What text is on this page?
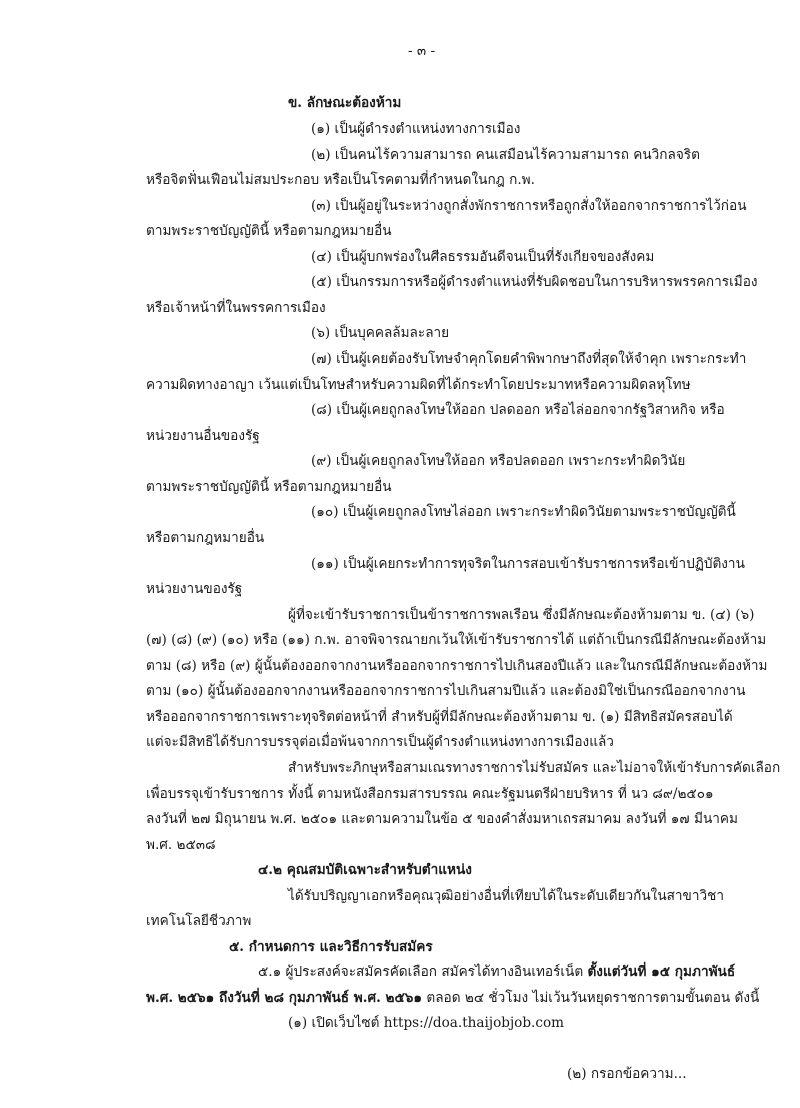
- ๓ -
ข. ลักษณะต้องห้าม
(๑) เป็นผู้ดำรงตำแหน่งทางการเมือง
(๒) เป็นคนไร้ความสามารถ คนเสมือนไร้ความสามารถ คนวิกลจริต
หรือจิตฟั่นเฟือนไม่สมประกอบ หรือเป็นโรคตามที่กำหนดในกฎ ก.พ.
(๓) เป็นผู้อยู่ในระหว่างถูกสั่งพักราชการหรือถูกสั่งให้ออกจากราชการไว้ก่อน
ตามพระราชบัญญัตินี้ หรือตามกฎหมายอื่น
(๔) เป็นผู้บกพร่องในศีลธรรมอันดีจนเป็นที่รังเกียจของสังคม
(๕) เป็นกรรมการหรือผู้ดำรงตำแหน่งที่รับผิดชอบในการบริหารพรรคการเมือง
หรือเจ้าหน้าที่ในพรรคการเมือง
(๖) เป็นบุคคลล้มละลาย
(๗) เป็นผู้เคยต้องรับโทษจำคุกโดยคำพิพากษาถึงที่สุดให้จำคุก เพราะกระทำ
ความผิดทางอาญา เว้นแต่เป็นโทษสำหรับความผิดที่ได้กระทำโดยประมาทหรือความผิดลหุโทษ
(๘) เป็นผู้เคยถูกลงโทษให้ออก ปลดออก หรือไล่ออกจากรัฐวิสาหกิจ หรือ
หน่วยงานอื่นของรัฐ
(๙) เป็นผู้เคยถูกลงโทษให้ออก หรือปลดออก เพราะกระทำผิดวินัย
ตามพระราชบัญญัตินี้ หรือตามกฎหมายอื่น
(๑๐) เป็นผู้เคยถูกลงโทษไล่ออก เพราะกระทำผิดวินัยตามพระราชบัญญัตินี้
หรือตามกฎหมายอื่น
(๑๑) เป็นผู้เคยกระทำการทุจริตในการสอบเข้ารับราชการหรือเข้าปฏิบัติงาน
หน่วยงานของรัฐ
ผู้ที่จะเข้ารับราชการเป็นข้าราชการพลเรือน ซึ่งมีลักษณะต้องห้ามตาม ข. (๔) (๖)
(๗) (๘) (๙) (๑๐) หรือ (๑๑) ก.พ. อาจพิจารณายกเว้นให้เข้ารับราชการได้ แต่ถ้าเป็นกรณีมีลักษณะต้องห้าม
ตาม (๘) หรือ (๙) ผู้นั้นต้องออกจากงานหรือออกจากราชการไปเกินสองปีแล้ว และในกรณีมีลักษณะต้องห้าม
ตาม (๑๐) ผู้นั้นต้องออกจากงานหรือออกจากราชการไปเกินสามปีแล้ว และต้องมิใช่เป็นกรณีออกจากงาน
หรือออกจากราชการเพราะทุจริตต่อหน้าที่ สำหรับผู้ที่มีลักษณะต้องห้ามตาม ข. (๑) มีสิทธิสมัครสอบได้
แต่จะมีสิทธิได้รับการบรรจุต่อเมื่อพ้นจากการเป็นผู้ดำรงตำแหน่งทางการเมืองแล้ว
สำหรับพระภิกษุหรือสามเณรทางราชการไม่รับสมัคร และไม่อาจให้เข้ารับการคัดเลือก
เพื่อบรรจุเข้ารับราชการ ทั้งนี้ ตามหนังสือกรมสารบรรณ คณะรัฐมนตรีฝ่ายบริหาร ที่ นว ๘๙/๒๕๐๑
ลงวันที่ ๒๗ มิถุนายน พ.ศ. ๒๕๐๑ และตามความในข้อ ๕ ของคำสั่งมหาเถรสมาคม ลงวันที่ ๑๗ มีนาคม
พ.ศ. ๒๕๓๘
๔.๒ คุณสมบัติเฉพาะสำหรับตำแหน่ง
ได้รับปริญญาเอกหรือคุณวุฒิอย่างอื่นที่เทียบได้ในระดับเดียวกันในสาขาวิชา
เทคโนโลยีชีวภาพ
๕. กำหนดการ และวิธีการรับสมัคร
๕.๑ ผู้ประสงค์จะสมัครคัดเลือก สมัครได้ทางอินเทอร์เน็ต ตั้งแต่วันที่ ๑๕ กุมภาพันธ์
พ.ศ. ๒๕๖๑ ถึงวันที่ ๒๘ กุมภาพันธ์ พ.ศ. ๒๕๖๑ ตลอด ๒๔ ชั่วโมง ไม่เว้นวันหยุดราชการตามขั้นตอน ดังนี้
(๑) เปิดเว็บไซต์ https://doa.thaijobjob.com
(๒) กรอกข้อความ...
